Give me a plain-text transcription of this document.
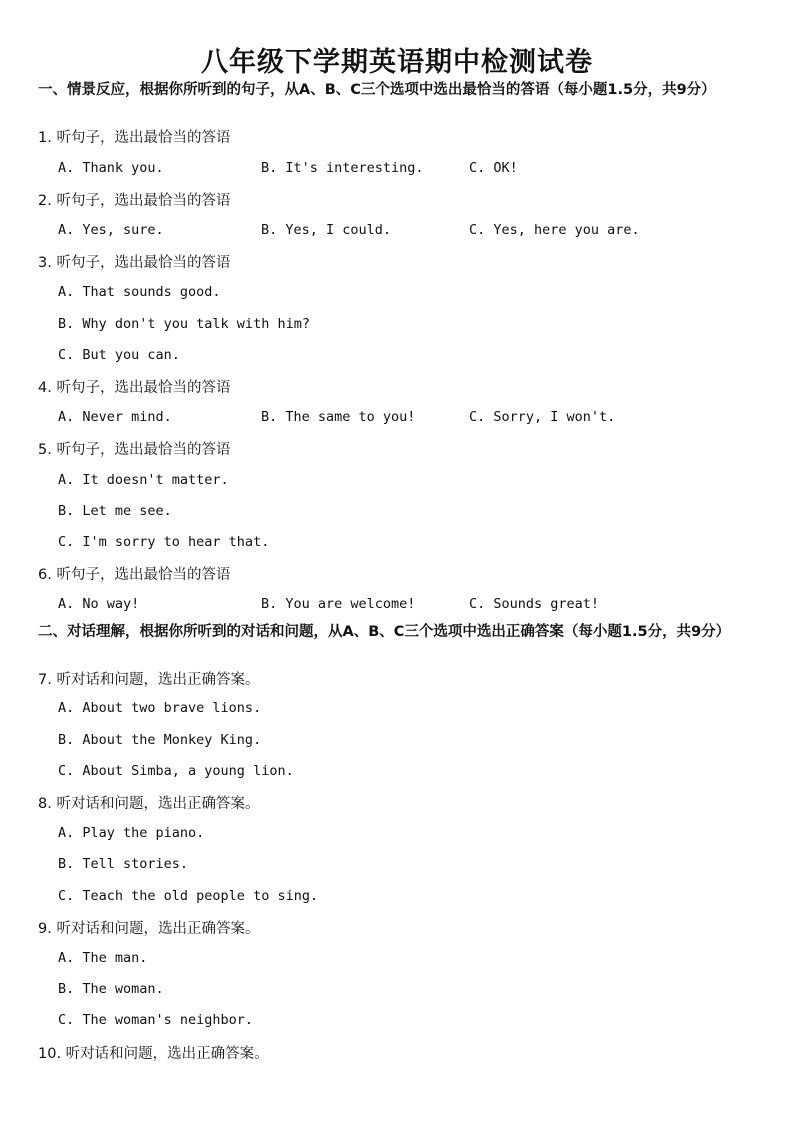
八年级下学期英语期中检测试卷
一、情景反应，根据你所听到的句子，从A、B、C三个选项中选出最恰当的答语（每小题1.5分，共9分）
1. 听句子，选出最恰当的答语
A. Thank you.	B. It's interesting.	C. OK!
2. 听句子，选出最恰当的答语
A. Yes, sure.	B. Yes, I could.	C. Yes, here you are.
3. 听句子，选出最恰当的答语
A. That sounds good.
B. Why don't you talk with him?
C. But you can.
4. 听句子，选出最恰当的答语
A. Never mind.	B. The same to you!	C. Sorry, I won't.
5. 听句子，选出最恰当的答语
A. It doesn't matter.
B. Let me see.
C. I'm sorry to hear that.
6. 听句子，选出最恰当的答语
A. No way!	B. You are welcome!	C. Sounds great!
二、对话理解，根据你所听到的对话和问题，从A、B、C三个选项中选出正确答案（每小题1.5分，共9分）
7. 听对话和问题，选出正确答案。
A. About two brave lions.
B. About the Monkey King.
C. About Simba, a young lion.
8. 听对话和问题，选出正确答案。
A. Play the piano.
B. Tell stories.
C. Teach the old people to sing.
9. 听对话和问题，选出正确答案。
A. The man.
B. The woman.
C. The woman's neighbor.
10. 听对话和问题，选出正确答案。
